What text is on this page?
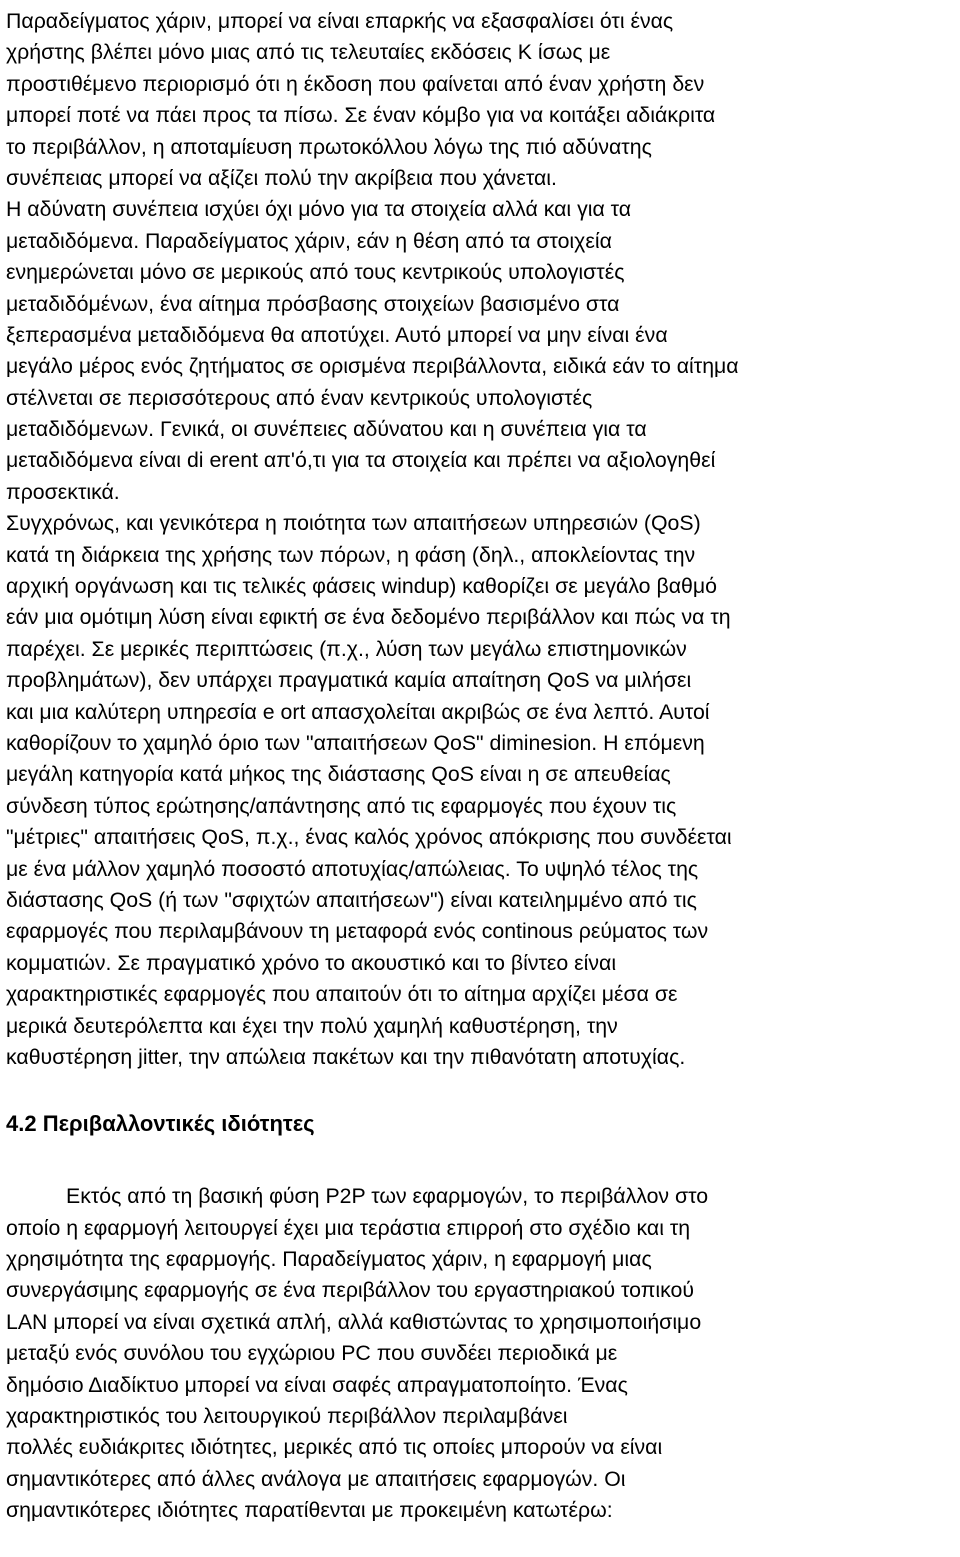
Παραδείγματος χάριν, μπορεί να είναι επαρκής να εξασφαλίσει ότι ένας
χρήστης βλέπει μόνο μιας από τις τελευταίες εκδόσεις K ίσως με
προστιθέμενο περιορισμό ότι η έκδοση που φαίνεται από έναν χρήστη δεν
μπορεί ποτέ να πάει προς τα πίσω. Σε έναν κόμβο για να κοιτάξει αδιάκριτα
το περιβάλλον, η αποταμίευση πρωτοκόλλου λόγω της πιό αδύνατης
συνέπειας μπορεί να αξίζει πολύ την ακρίβεια που χάνεται.
Η αδύνατη συνέπεια ισχύει όχι μόνο για τα στοιχεία αλλά και για τα
μεταδιδόμενα. Παραδείγματος χάριν, εάν η θέση από τα στοιχεία
ενημερώνεται μόνο σε μερικούς από τους κεντρικούς υπολογιστές
μεταδιδόμένων, ένα αίτημα πρόσβασης στοιχείων βασισμένο στα
ξεπερασμένα μεταδιδόμενα θα αποτύχει. Αυτό μπορεί να μην είναι ένα
μεγάλο μέρος ενός ζητήματος σε ορισμένα περιβάλλοντα, ειδικά εάν το αίτημα
στέλνεται σε περισσότερους από έναν κεντρικούς υπολογιστές
μεταδιδόμενων. Γενικά, οι συνέπειες αδύνατου και η συνέπεια για τα
μεταδιδόμενα είναι di erent απ'ό,τι για τα στοιχεία και πρέπει να αξιολογηθεί
προσεκτικά.
Συγχρόνως, και γενικότερα η ποιότητα των απαιτήσεων υπηρεσιών (QoS)
κατά τη διάρκεια της χρήσης των πόρων, η φάση (δηλ., αποκλείοντας την
αρχική οργάνωση και τις τελικές φάσεις windup) καθορίζει σε μεγάλο βαθμό
εάν μια ομότιμη λύση είναι εφικτή σε ένα δεδομένο περιβάλλον και πώς να τη
παρέχει. Σε μερικές περιπτώσεις (π.χ., λύση των μεγάλω επιστημονικών
προβλημάτων), δεν υπάρχει πραγματικά καμία απαίτηση QoS να μιλήσει
και μια καλύτερη υπηρεσία e ort απασχολείται ακριβώς σε ένα λεπτό. Αυτοί
καθορίζουν το χαμηλό όριο των "απαιτήσεων QoS" diminesion. Η επόμενη
μεγάλη κατηγορία κατά μήκος της διάστασης QoS είναι η σε απευθείας
σύνδεση τύπος ερώτησης/απάντησης από τις εφαρμογές που έχουν τις
"μέτριες" απαιτήσεις QoS, π.χ., ένας καλός χρόνος απόκρισης που συνδέεται
με ένα μάλλον χαμηλό ποσοστό αποτυχίας/απώλειας. Το υψηλό τέλος της
διάστασης QoS (ή των "σφιχτών απαιτήσεων") είναι κατειλημμένο από τις
εφαρμογές που περιλαμβάνουν τη μεταφορά ενός continous ρεύματος των
κομματιών. Σε πραγματικό χρόνο το ακουστικό και το βίντεο είναι
χαρακτηριστικές εφαρμογές που απαιτούν ότι το αίτημα αρχίζει μέσα σε
μερικά δευτερόλεπτα και έχει την πολύ χαμηλή καθυστέρηση, την
καθυστέρηση jitter, την απώλεια πακέτων και την πιθανότατη αποτυχίας.
4.2 Περιβαλλοντικές ιδιότητες
Εκτός από τη βασική φύση P2P των εφαρμογών, το περιβάλλον στο
οποίο η εφαρμογή λειτουργεί έχει μια τεράστια επιρροή στο σχέδιο και τη
χρησιμότητα της εφαρμογής. Παραδείγματος χάριν, η εφαρμογή μιας
συνεργάσιμης εφαρμογής σε ένα περιβάλλον του εργαστηριακού τοπικού
LAN μπορεί να είναι σχετικά απλή, αλλά καθιστώντας το χρησιμοποιήσιμο
μεταξύ ενός συνόλου του εγχώριου PC που συνδέει περιοδικά με
δημόσιο Διαδίκτυο μπορεί να είναι σαφές απραγματοποίητο. Ένας
χαρακτηριστικός του λειτουργικού περιβάλλον περιλαμβάνει
πολλές ευδιάκριτες ιδιότητες, μερικές από τις οποίες μπορούν να είναι
σημαντικότερες από άλλες ανάλογα με απαιτήσεις εφαρμογών. Οι
σημαντικότερες ιδιότητες παρατίθενται με προκειμένη κατωτέρω:
